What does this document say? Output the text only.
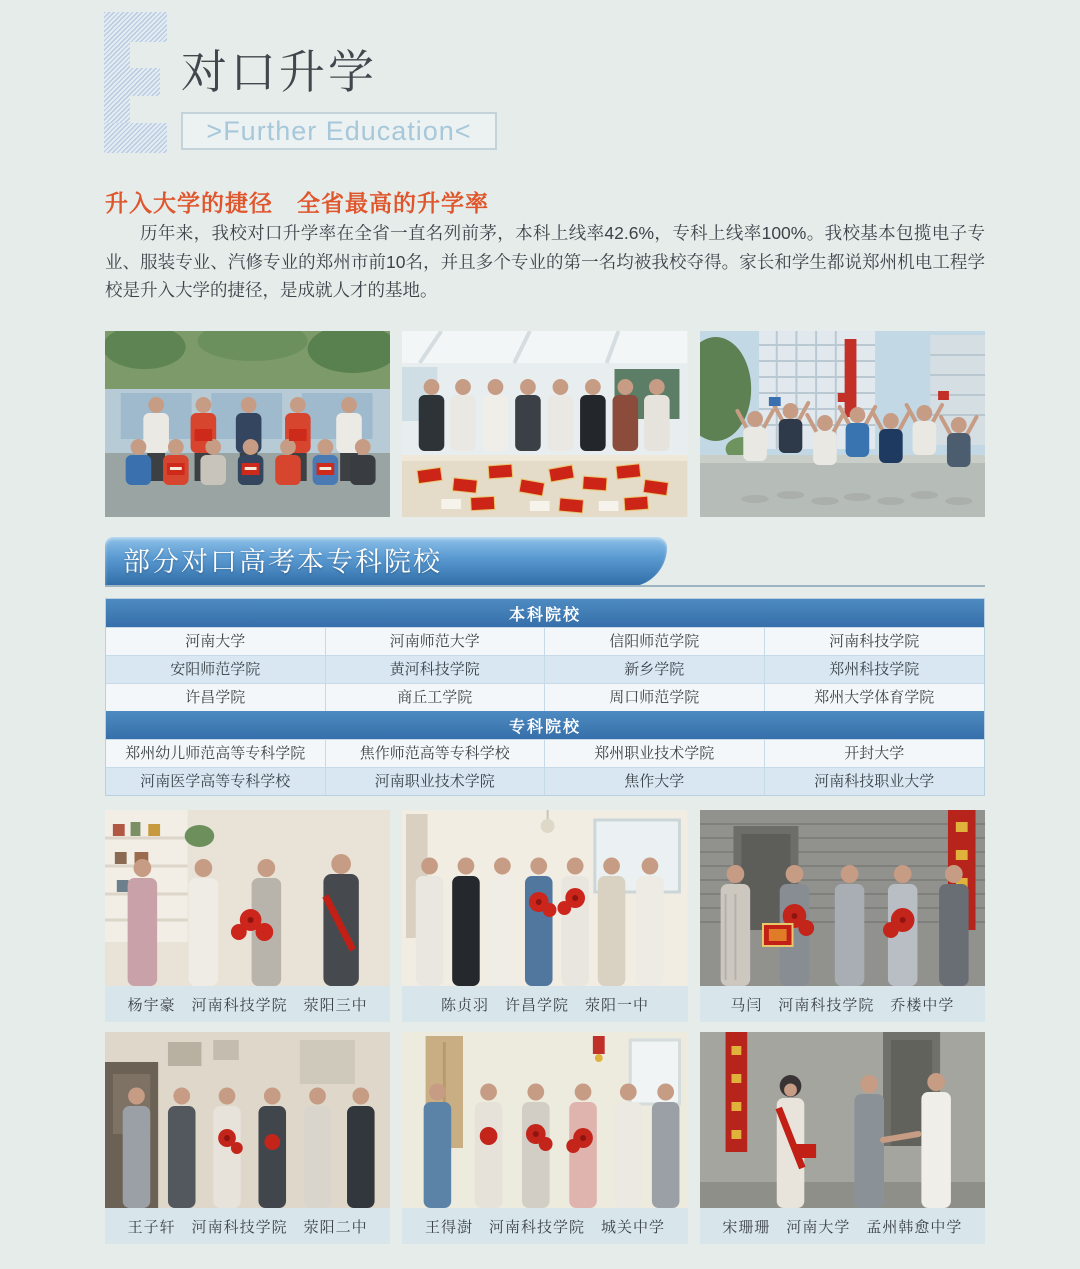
对口升学
>Further Education<
升入大学的捷径　全省最高的升学率

历年来，我校对口升学率在全省一直名列前茅，本科上线率42.6%，专科上线率100%。我校基本包揽电子专业、服装专业、汽修专业的郑州市前10名，并且多个专业的第一名均被我校夺得。家长和学生都说郑州机电工程学校是升入大学的捷径，是成就人才的基地。

部分对口高考本专科院校
本科院校
河南大学	河南师范大学	信阳师范学院	河南科技学院
安阳师范学院	黄河科技学院	新乡学院	郑州科技学院
许昌学院	商丘工学院	周口师范学院	郑州大学体育学院
专科院校
郑州幼儿师范高等专科学院	焦作师范高等专科学校	郑州职业技术学院	开封大学
河南医学高等专科学校	河南职业技术学院	焦作大学	河南科技职业大学
杨宇豪　河南科技学院　荥阳三中	陈贞羽　许昌学院　荥阳一中	马闫　河南科技学院　乔楼中学
王子轩　河南科技学院　荥阳二中	王得澍　河南科技学院　城关中学	宋珊珊　河南大学　孟州韩愈中学
